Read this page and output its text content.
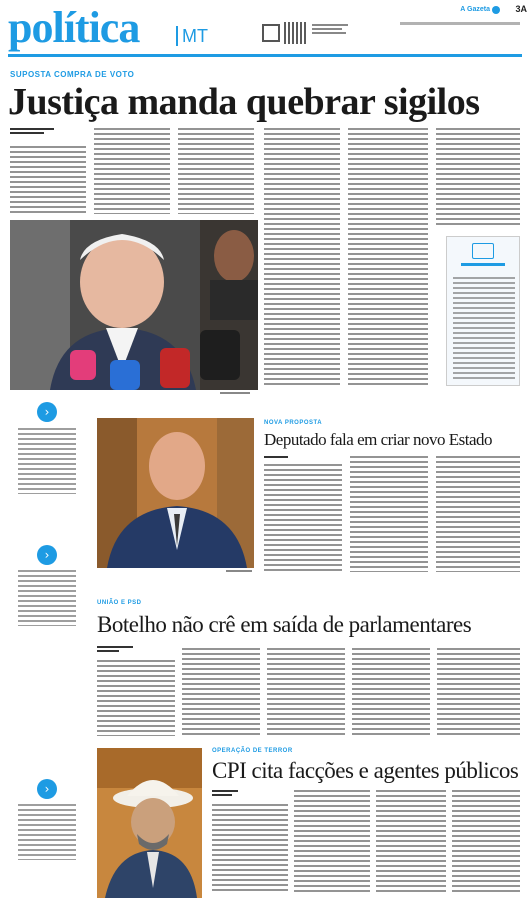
política	MT
A Gazeta	3A
SUPOSTA COMPRA DE VOTO
Justiça manda quebrar sigilos
›
›
›
NOVA PROPOSTA
Deputado fala em criar novo Estado
UNIÃO E PSD
Botelho não crê em saída de parlamentares
OPERAÇÃO DE TERROR
CPI cita facções e agentes públicos
